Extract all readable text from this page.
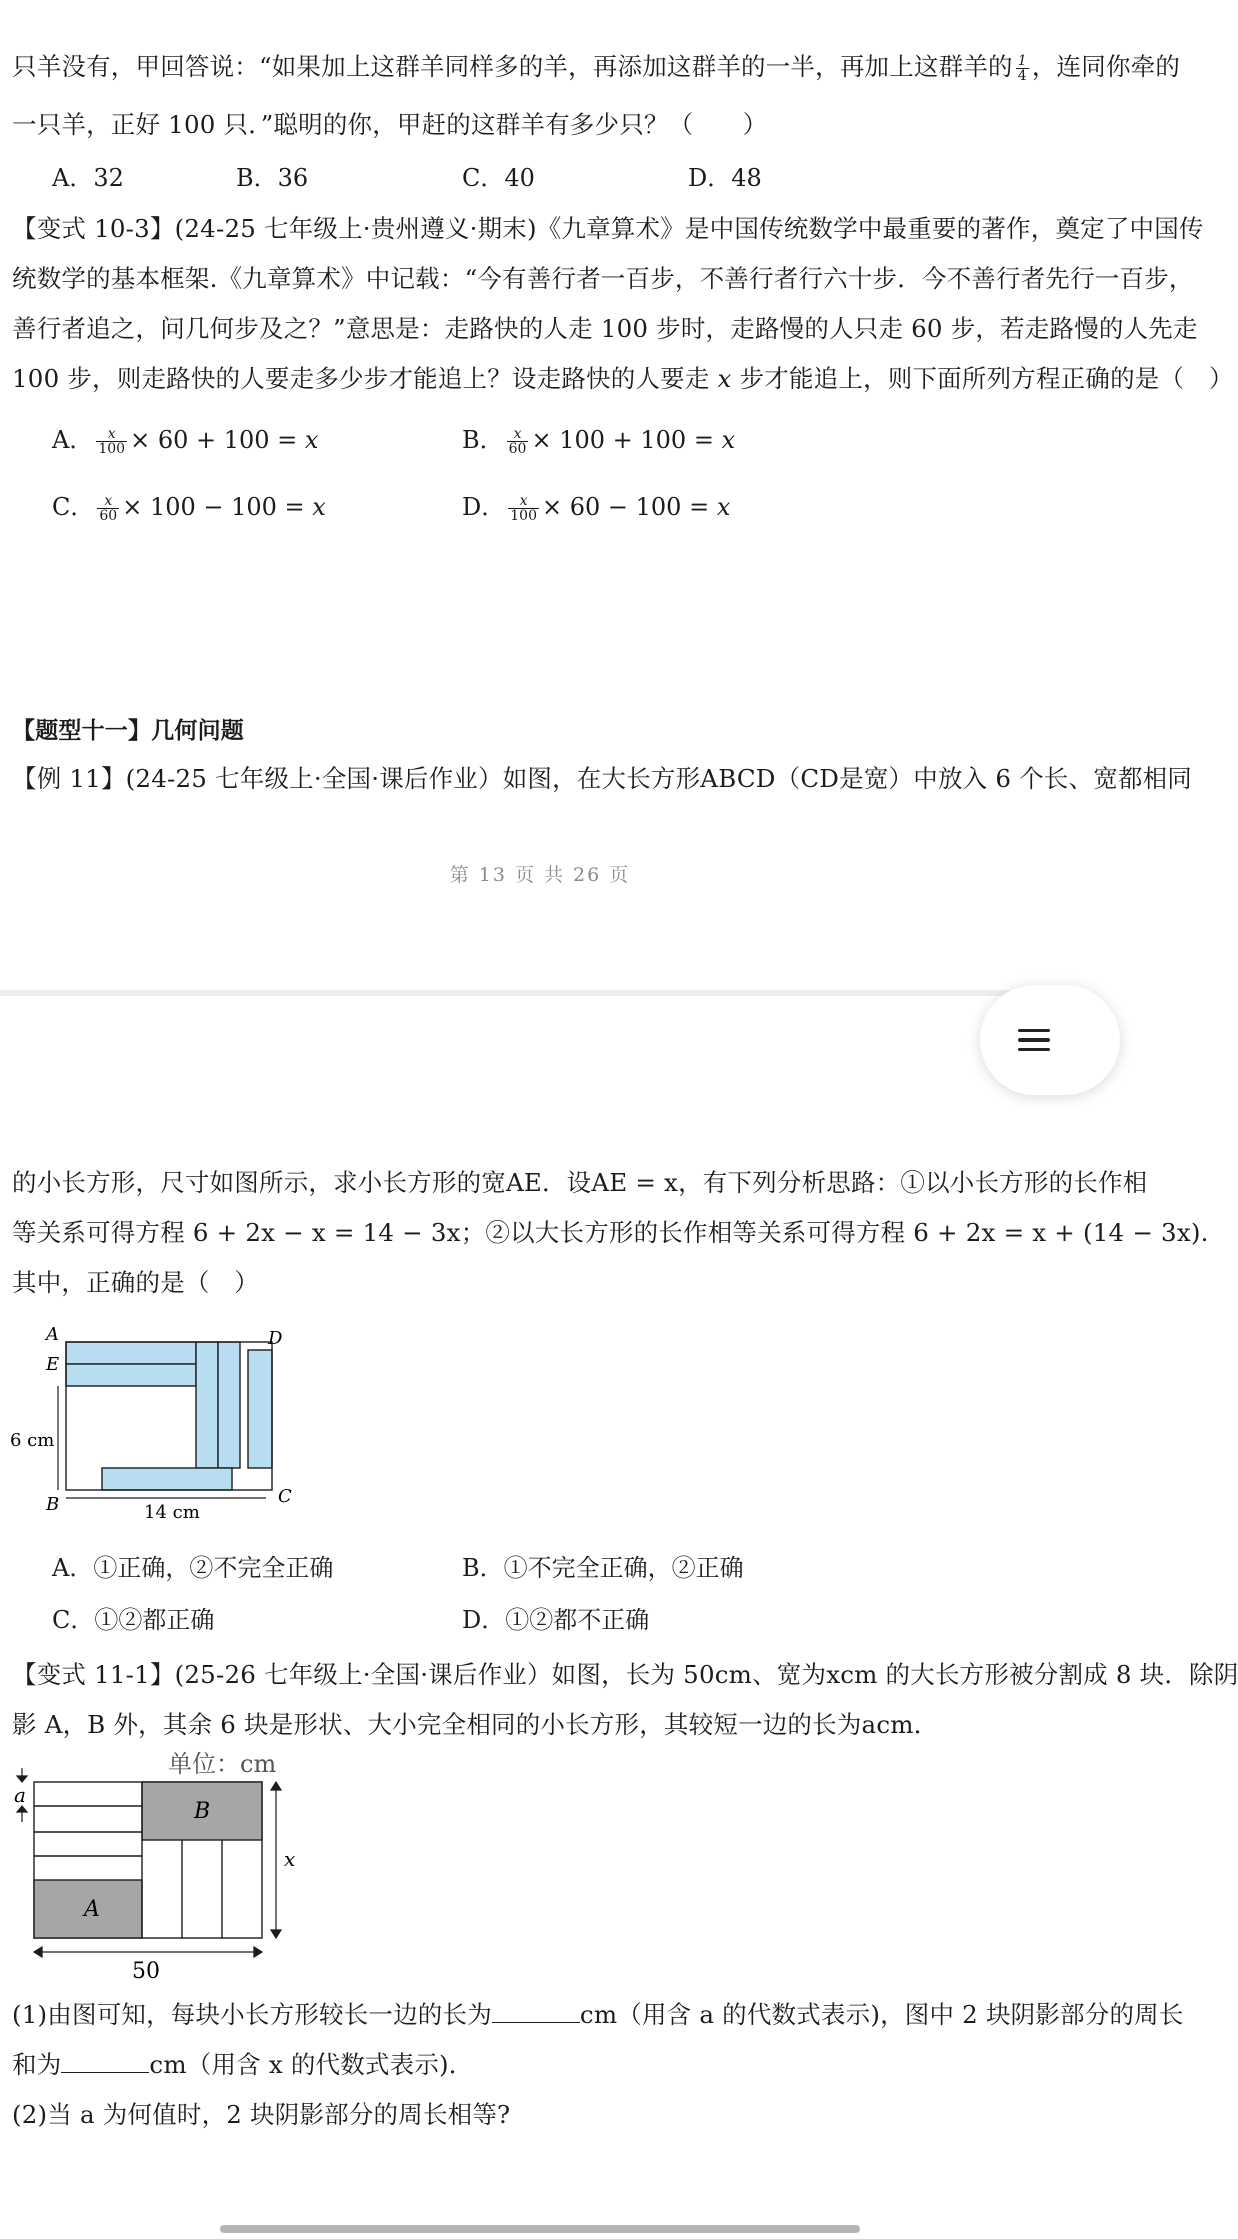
只羊没有，甲回答说：“如果加上这群羊同样多的羊，再添加这群羊的一半，再加上这群羊的 $\frac{1}{4}$ ，连同你牵的
一只羊，正好 100 只．”聪明的你，甲赶的这群羊有多少只？（　　）
A．32	B．36	C．40	D．48
【变式 10-3】(24-25 七年级上·贵州遵义·期末)《九章算术》是中国传统数学中最重要的著作，奠定了中国传
统数学的基本框架.《九章算术》中记载：“今有善行者一百步，不善行者行六十步．今不善行者先行一百步，
善行者追之，问几何步及之？”意思是：走路快的人走 100 步时，走路慢的人只走 60 步，若走路慢的人先走
100 步，则走路快的人要走多少步才能追上？设走路快的人要走 x 步才能追上，则下面所列方程正确的是（　）
A． $\frac{x}{100} \times 60 + 100 = x$	B． $\frac{x}{60} \times 100 + 100 = x$
C． $\frac{x}{60} \times 100 - 100 = x$	D． $\frac{x}{100} \times 60 - 100 = x$
【题型十一】几何问题
【例 11】(24-25 七年级上·全国·课后作业）如图，在大长方形ABCD（CD是宽）中放入 6 个长、宽都相同
第 13 页 共 26 页
的小长方形，尺寸如图所示，求小长方形的宽AE．设AE = x，有下列分析思路：①以小长方形的长作相
等关系可得方程 6 + 2x − x = 14 − 3x；②以大长方形的长作相等关系可得方程 6 + 2x = x + (14 − 3x).
其中，正确的是（　）
A	D
E
B	C
6 cm
14 cm
A．①正确，②不完全正确	B．①不完全正确，②正确
C．①②都正确	D．①②都不正确
【变式 11-1】(25-26 七年级上·全国·课后作业）如图，长为 50cm、宽为xcm 的大长方形被分割成 8 块．除阴
影 A，B 外，其余 6 块是形状、大小完全相同的小长方形，其较短一边的长为acm．
单位：cm
a
B
A
x
50
(1)由图可知，每块小长方形较长一边的长为	cm（用含 a 的代数式表示)，图中 2 块阴影部分的周长
和为	cm（用含 x 的代数式表示)．
(2)当 a 为何值时，2 块阴影部分的周长相等?
